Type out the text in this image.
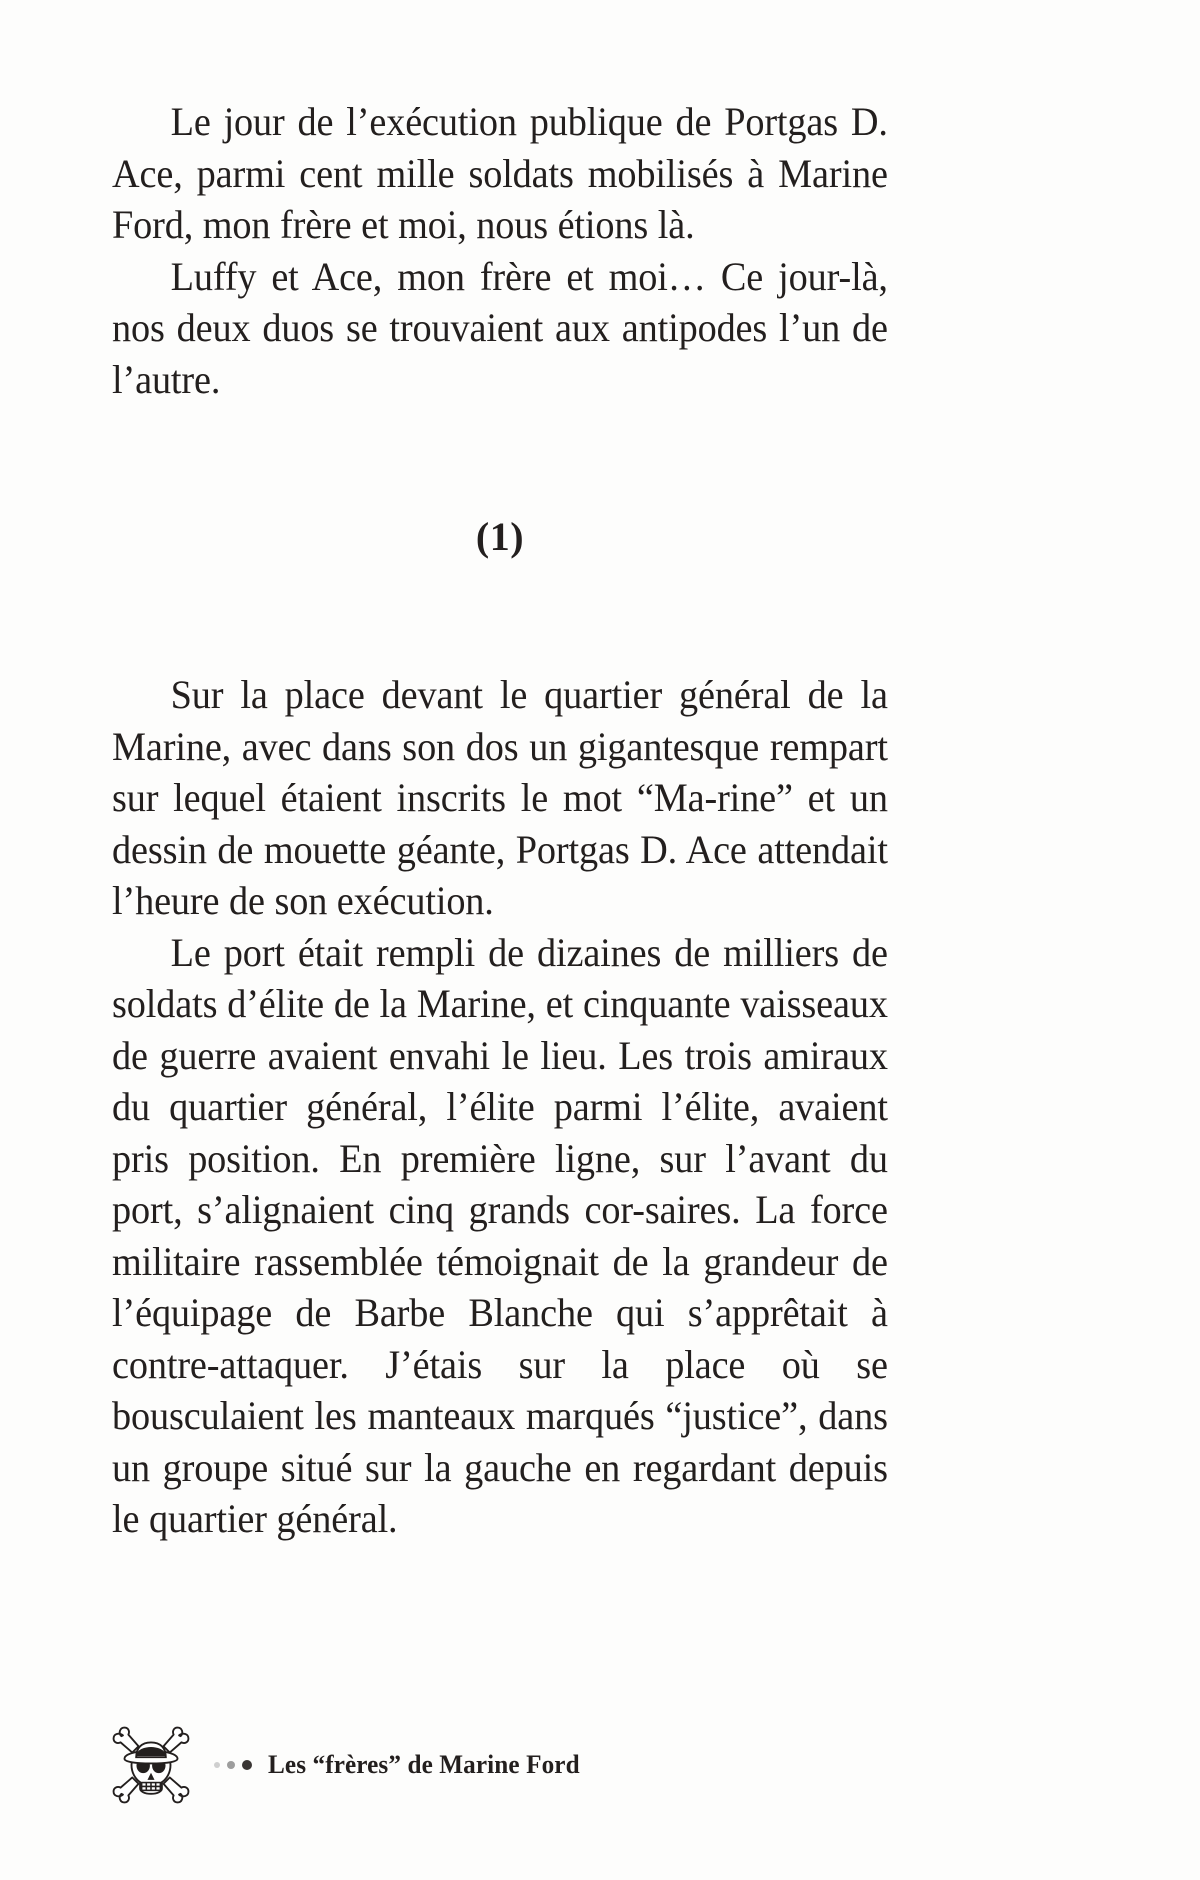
Le jour de l’exécution publique de Portgas D. Ace, parmi cent mille soldats mobilisés à Marine Ford, mon frère et moi, nous étions là.

Luffy et Ace, mon frère et moi… Ce jour-là, nos deux duos se trouvaient aux antipodes l’un de l’autre.

(1)

Sur la place devant le quartier général de la Marine, avec dans son dos un gigantesque rempart sur lequel étaient inscrits le mot “Ma-rine” et un dessin de mouette géante, Portgas D. Ace attendait l’heure de son exécution.

Le port était rempli de dizaines de milliers de soldats d’élite de la Marine, et cinquante vaisseaux de guerre avaient envahi le lieu. Les trois amiraux du quartier général, l’élite parmi l’élite, avaient pris position. En première ligne, sur l’avant du port, s’alignaient cinq grands cor-saires. La force militaire rassemblée témoignait de la grandeur de l’équipage de Barbe Blanche qui s’apprêtait à contre-attaquer. J’étais sur la place où se bousculaient les manteaux marqués “justice”, dans un groupe situé sur la gauche en regardant depuis le quartier général.

Les “frères” de Marine Ford
